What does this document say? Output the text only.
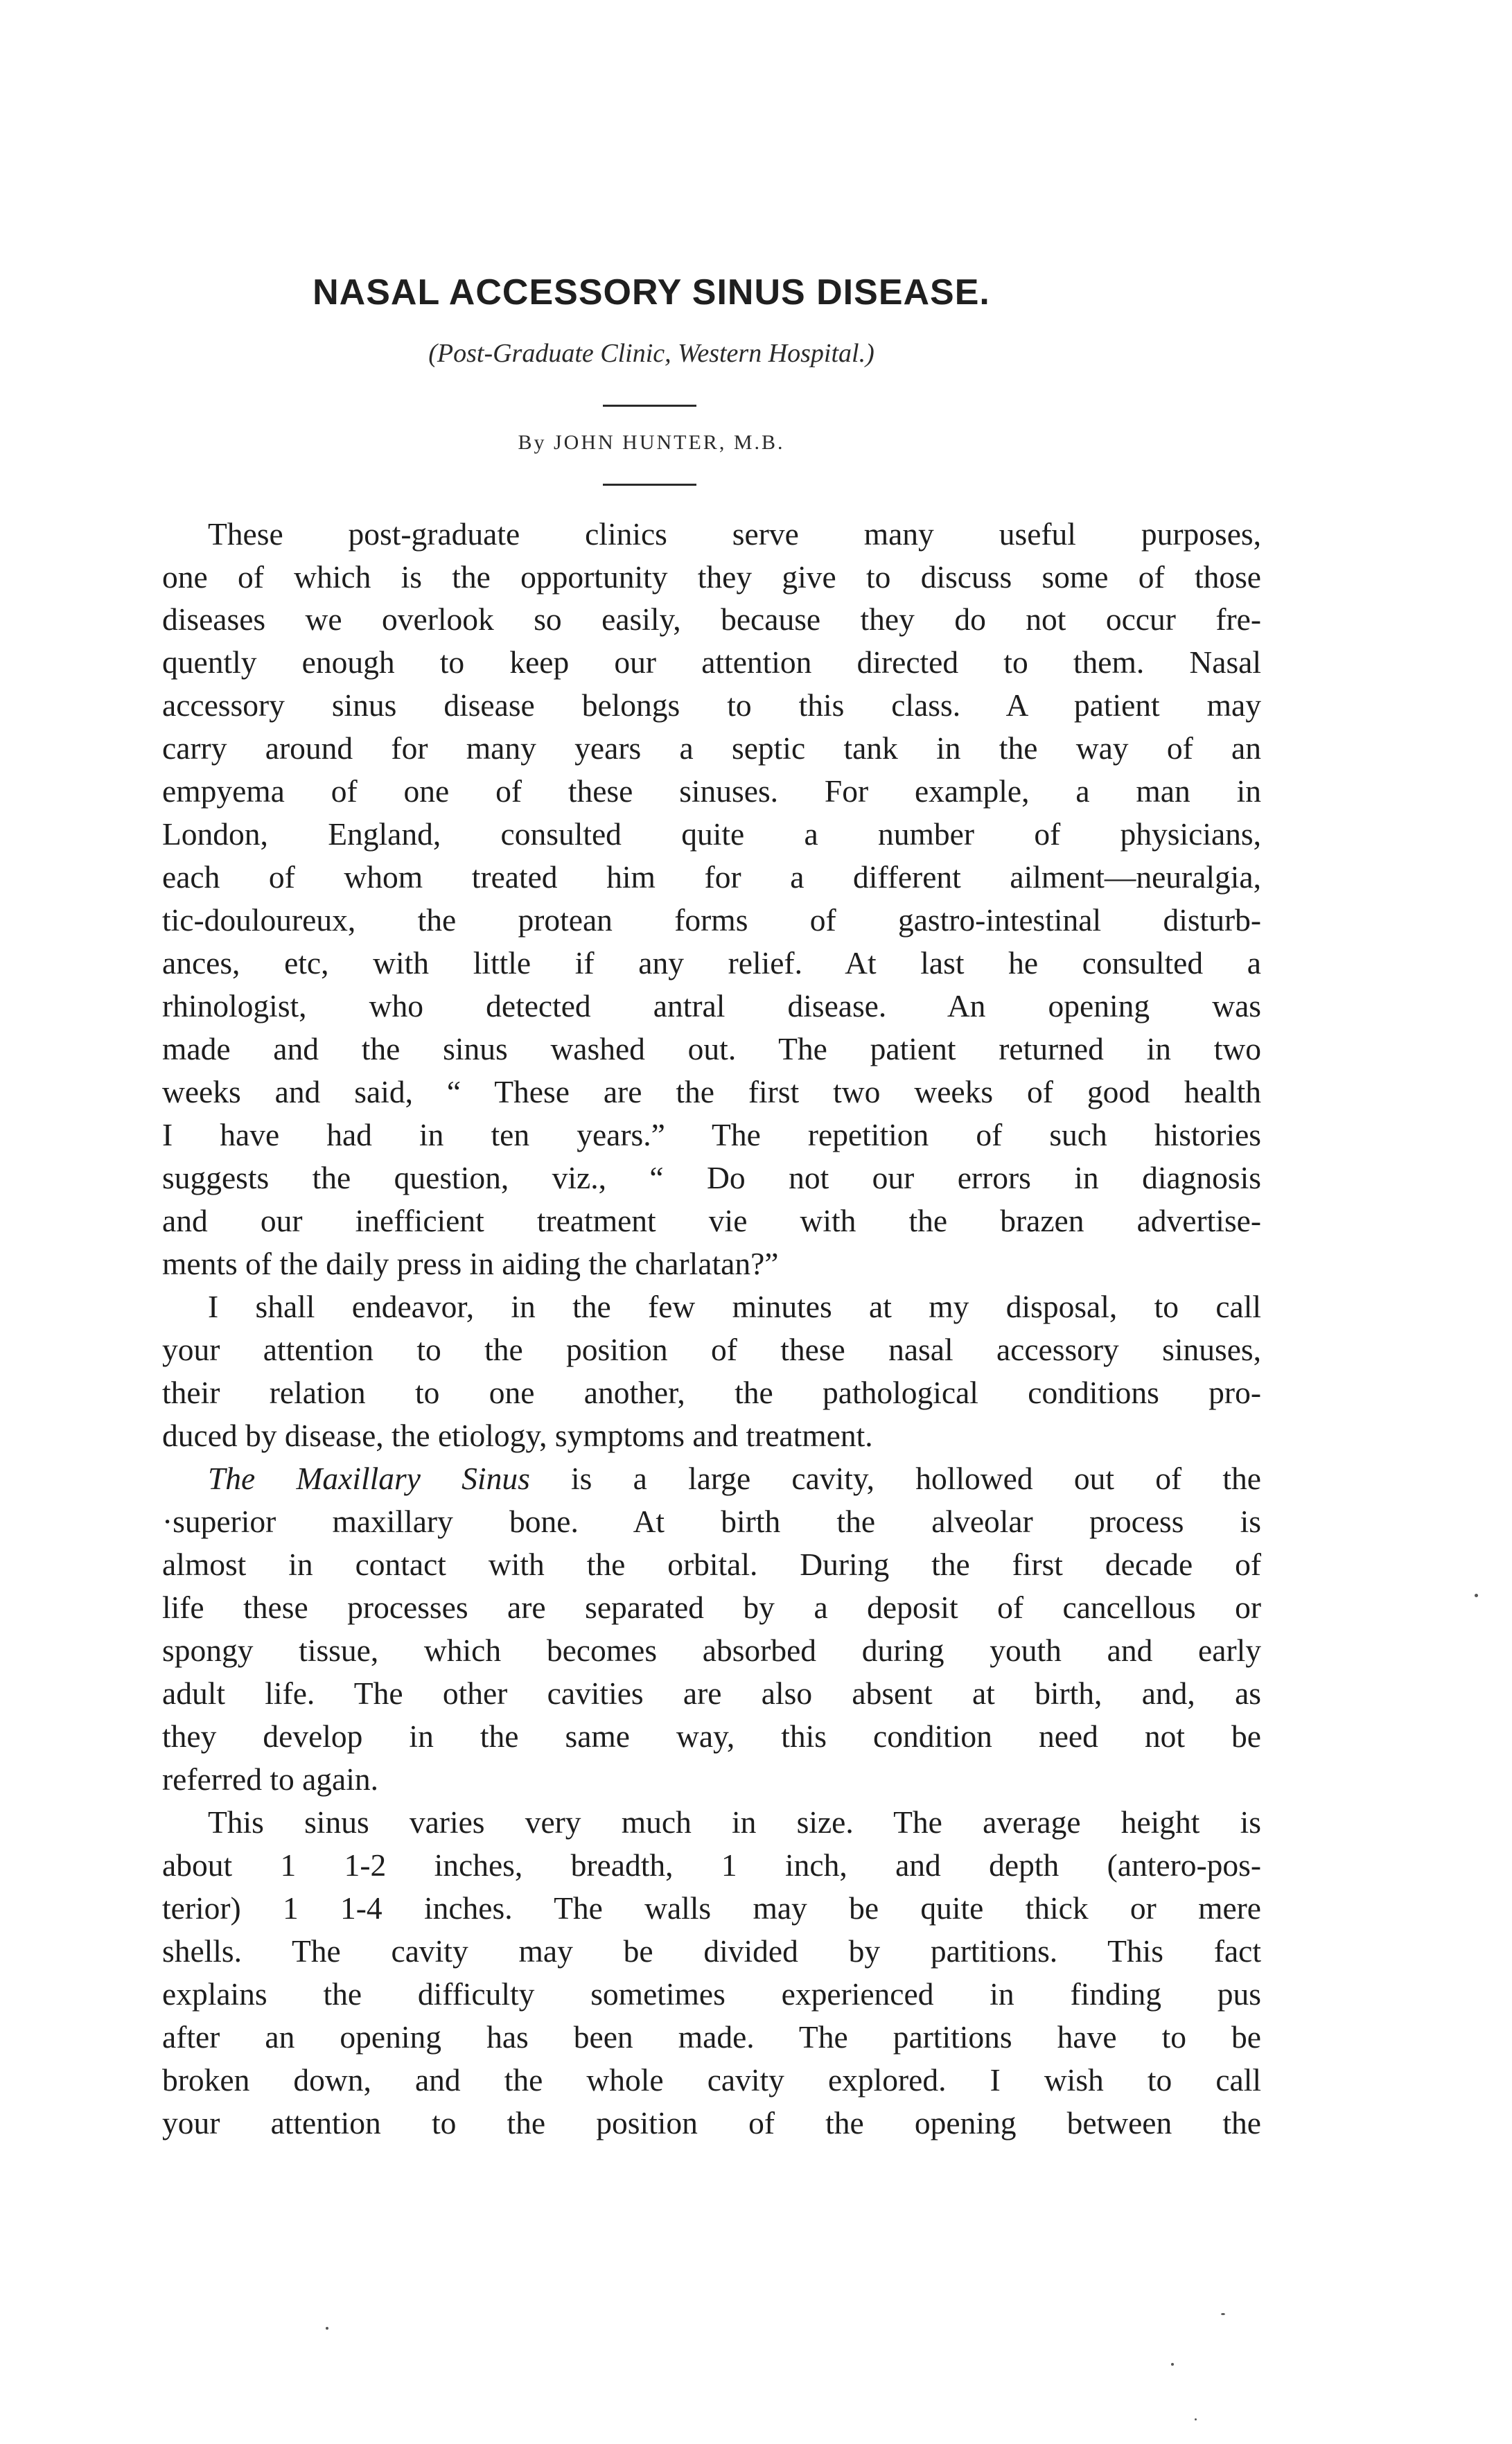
NASAL ACCESSORY SINUS DISEASE.
(Post-Graduate Clinic, Western Hospital.)
By JOHN HUNTER, M.B.
These post-graduate clinics serve many useful purposes,
one of which is the opportunity they give to discuss some of those
diseases we overlook so easily, because they do not occur fre-
quently enough to keep our attention directed to them. Nasal
accessory sinus disease belongs to this class. A patient may
carry around for many years a septic tank in the way of an
empyema of one of these sinuses. For example, a man in
London, England, consulted quite a number of physicians,
each of whom treated him for a different ailment—neuralgia,
tic-douloureux, the protean forms of gastro-intestinal disturb-
ances, etc, with little if any relief. At last he consulted a
rhinologist, who detected antral disease. An opening was
made and the sinus washed out. The patient returned in two
weeks and said, “ These are the first two weeks of good health
I have had in ten years.” The repetition of such histories
suggests the question, viz., “ Do not our errors in diagnosis
and our inefficient treatment vie with the brazen advertise-
ments of the daily press in aiding the charlatan?”
I shall endeavor, in the few minutes at my disposal, to call
your attention to the position of these nasal accessory sinuses,
their relation to one another, the pathological conditions pro-
duced by disease, the etiology, symptoms and treatment.
The Maxillary Sinus is a large cavity, hollowed out of the
·superior maxillary bone. At birth the alveolar process is
almost in contact with the orbital. During the first decade of
life these processes are separated by a deposit of cancellous or
spongy tissue, which becomes absorbed during youth and early
adult life. The other cavities are also absent at birth, and, as
they develop in the same way, this condition need not be
referred to again.
This sinus varies very much in size. The average height is
about 1 1-2 inches, breadth, 1 inch, and depth (antero-pos-
terior) 1 1-4 inches. The walls may be quite thick or mere
shells. The cavity may be divided by partitions. This fact
explains the difficulty sometimes experienced in finding pus
after an opening has been made. The partitions have to be
broken down, and the whole cavity explored. I wish to call
your attention to the position of the opening between the
